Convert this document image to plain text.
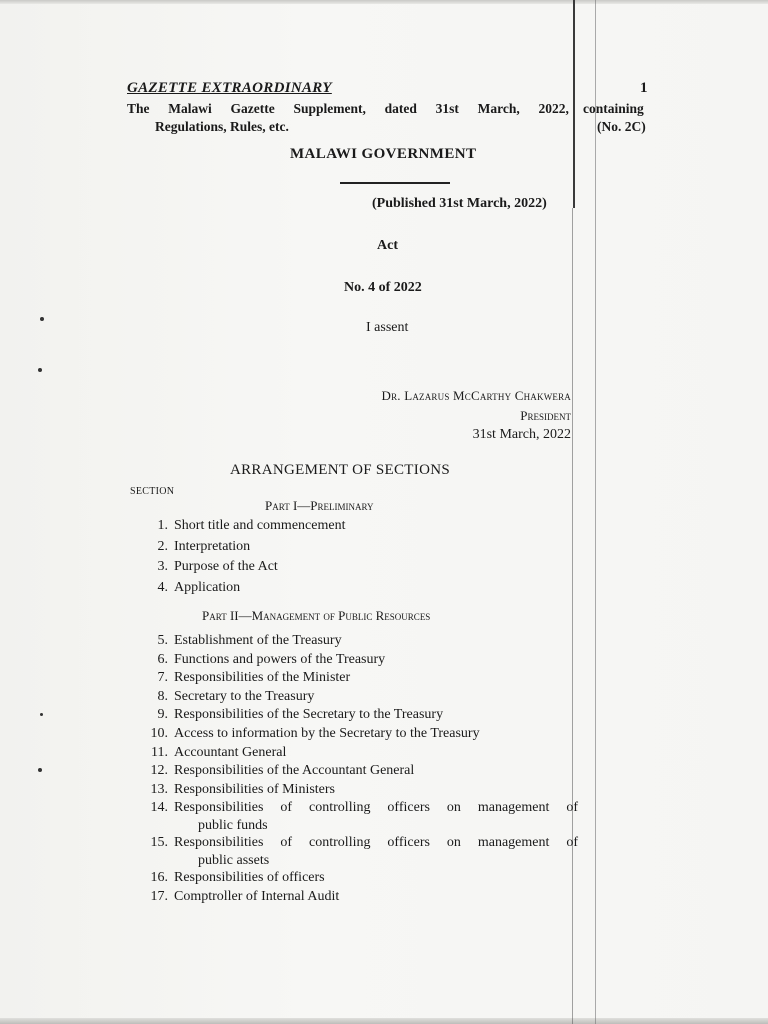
GAZETTE EXTRAORDINARY
The Malawi Gazette Supplement, dated 31st March, 2022,
Regulations, Rules, etc.
1
containing
(No. 2C)
MALAWI GOVERNMENT
(Published 31st March, 2022)
Act
No. 4 of 2022
I assent
Dr. Lazarus McCarthy Chakwera
President
31st March, 2022
ARRANGEMENT OF SECTIONS
SECTION
Part I—Preliminary
1. Short title and commencement
2. Interpretation
3. Purpose of the Act
4. Application
Part II—Management of Public Resources
5. Establishment of the Treasury
6. Functions and powers of the Treasury
7. Responsibilities of the Minister
8. Secretary to the Treasury
9. Responsibilities of the Secretary to the Treasury
10. Access to information by the Secretary to the Treasury
11. Accountant General
12. Responsibilities of the Accountant General
13. Responsibilities of Ministers
14. Responsibilities of controlling officers on management of
public funds
15. Responsibilities of controlling officers on management of
public assets
16. Responsibilities of officers
17. Comptroller of Internal Audit
